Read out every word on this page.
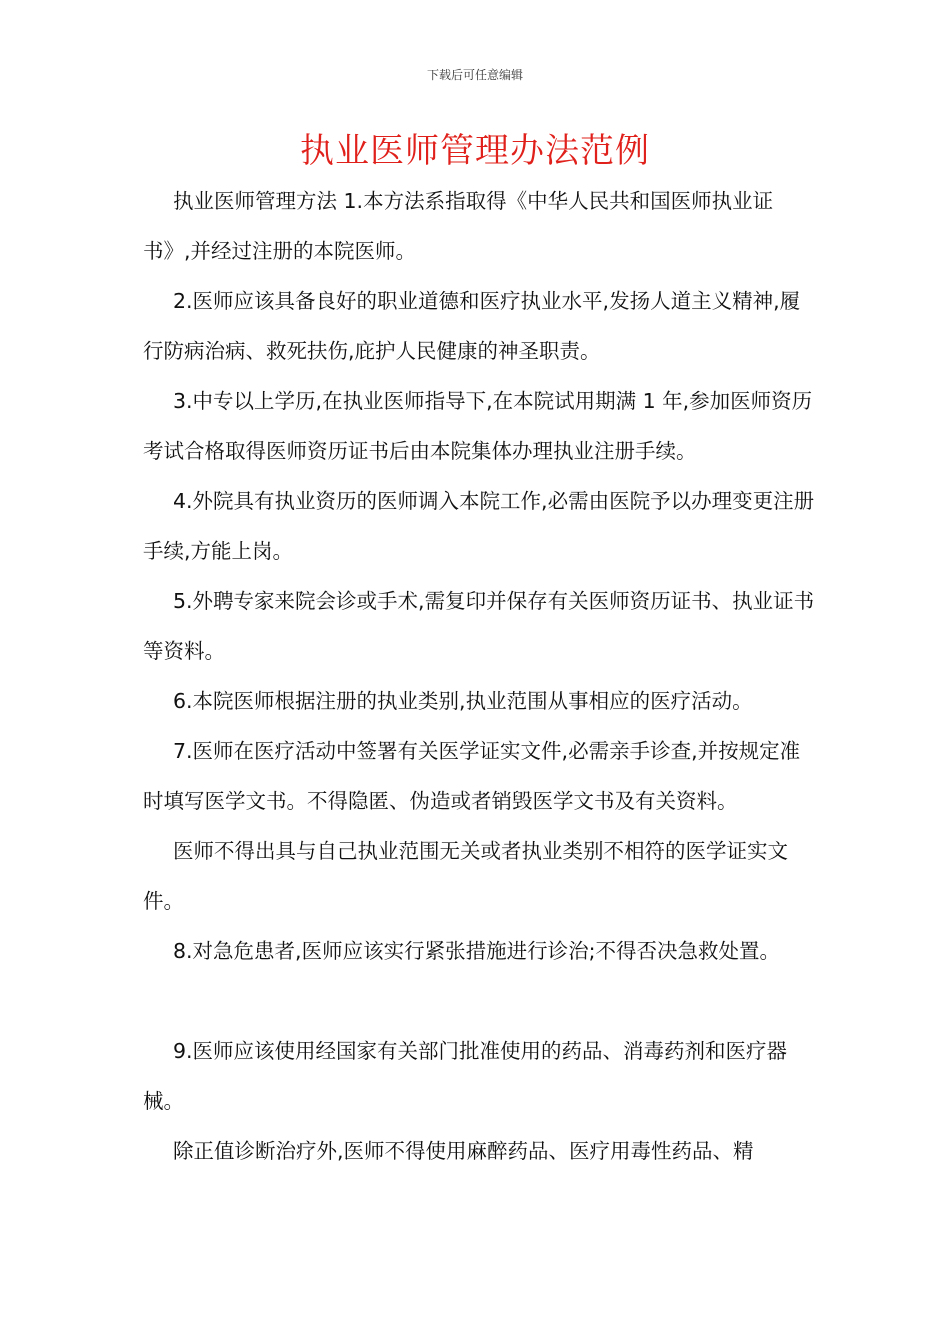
下载后可任意编辑
执业医师管理办法范例

执业医师管理方法 1.本方法系指取得《中华人民共和国医师执业证书》,并经过注册的本院医师。

2.医师应该具备良好的职业道德和医疗执业水平,发扬人道主义精神,履行防病治病、救死扶伤,庇护人民健康的神圣职责。

3.中专以上学历,在执业医师指导下,在本院试用期满 1 年,参加医师资历考试合格取得医师资历证书后由本院集体办理执业注册手续。

4.外院具有执业资历的医师调入本院工作,必需由医院予以办理变更注册手续,方能上岗。

5.外聘专家来院会诊或手术,需复印并保存有关医师资历证书、执业证书等资料。

6.本院医师根据注册的执业类别,执业范围从事相应的医疗活动。

7.医师在医疗活动中签署有关医学证实文件,必需亲手诊查,并按规定准时填写医学文书。不得隐匿、伪造或者销毁医学文书及有关资料。

医师不得出具与自己执业范围无关或者执业类别不相符的医学证实文件。

8.对急危患者,医师应该实行紧张措施进行诊治;不得否决急救处置。

9.医师应该使用经国家有关部门批准使用的药品、消毒药剂和医疗器械。

除正值诊断治疗外,医师不得使用麻醉药品、医疗用毒性药品、精
